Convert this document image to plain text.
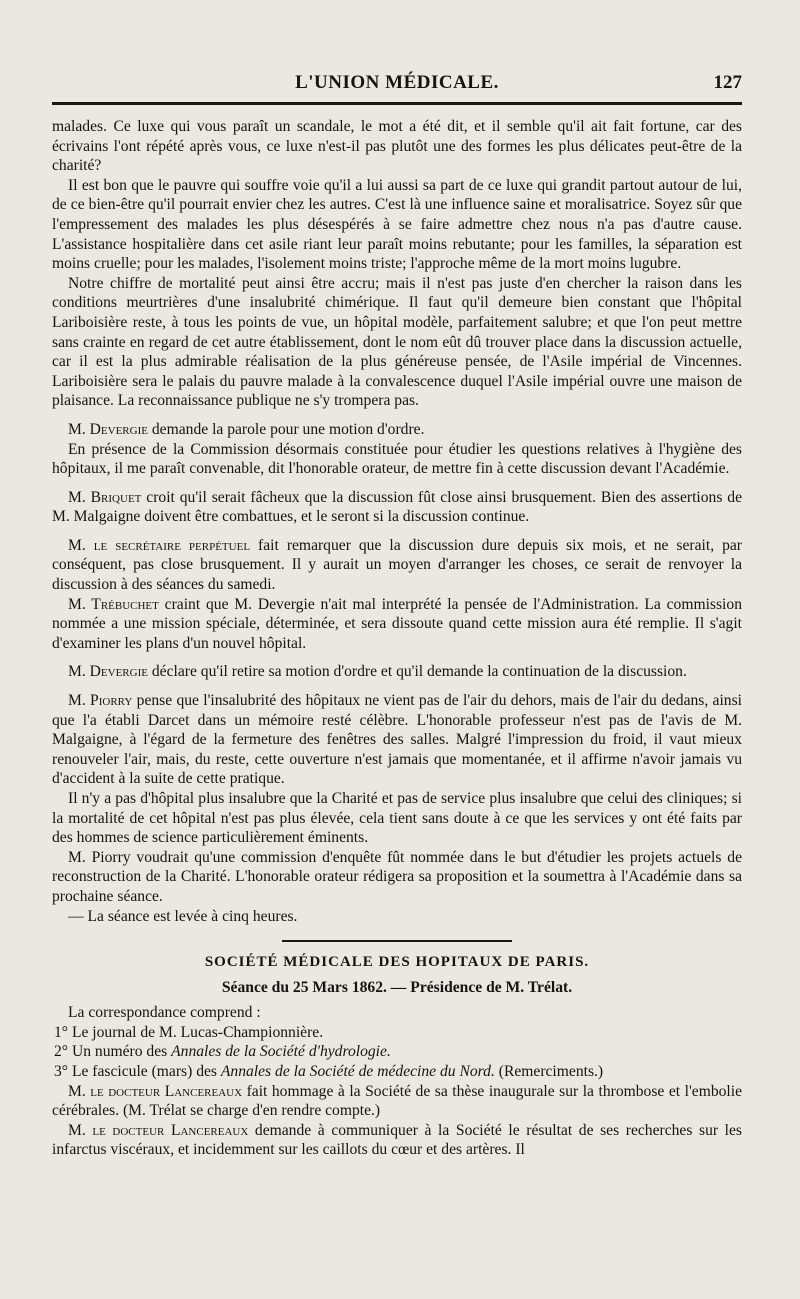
L'UNION MÉDICALE.	127

malades. Ce luxe qui vous paraît un scandale, le mot a été dit, et il semble qu'il ait fait fortune, car des écrivains l'ont répété après vous, ce luxe n'est-il pas plutôt une des formes les plus délicates peut-être de la charité?

Il est bon que le pauvre qui souffre voie qu'il a lui aussi sa part de ce luxe qui grandit partout autour de lui, de ce bien-être qu'il pourrait envier chez les autres. C'est là une influence saine et moralisatrice. Soyez sûr que l'empressement des malades les plus désespérés à se faire admettre chez nous n'a pas d'autre cause. L'assistance hospitalière dans cet asile riant leur paraît moins rebutante; pour les familles, la séparation est moins cruelle; pour les malades, l'isolement moins triste; l'approche même de la mort moins lugubre.

Notre chiffre de mortalité peut ainsi être accru; mais il n'est pas juste d'en chercher la raison dans les conditions meurtrières d'une insalubrité chimérique. Il faut qu'il demeure bien constant que l'hôpital Lariboisière reste, à tous les points de vue, un hôpital modèle, parfaitement salubre; et que l'on peut mettre sans crainte en regard de cet autre établissement, dont le nom eût dû trouver place dans la discussion actuelle, car il est la plus admirable réalisation de la plus généreuse pensée, de l'Asile impérial de Vincennes. Lariboisière sera le palais du pauvre malade à la convalescence duquel l'Asile impérial ouvre une maison de plaisance. La reconnaissance publique ne s'y trompera pas.

M. Devergie demande la parole pour une motion d'ordre.

En présence de la Commission désormais constituée pour étudier les questions relatives à l'hygiène des hôpitaux, il me paraît convenable, dit l'honorable orateur, de mettre fin à cette discussion devant l'Académie.

M. Briquet croit qu'il serait fâcheux que la discussion fût close ainsi brusquement. Bien des assertions de M. Malgaigne doivent être combattues, et le seront si la discussion continue.

M. le secrétaire perpétuel fait remarquer que la discussion dure depuis six mois, et ne serait, par conséquent, pas close brusquement. Il y aurait un moyen d'arranger les choses, ce serait de renvoyer la discussion à des séances du samedi.

M. Trébuchet craint que M. Devergie n'ait mal interprété la pensée de l'Administration. La commission nommée a une mission spéciale, déterminée, et sera dissoute quand cette mission aura été remplie. Il s'agit d'examiner les plans d'un nouvel hôpital.

M. Devergie déclare qu'il retire sa motion d'ordre et qu'il demande la continuation de la discussion.

M. Piorry pense que l'insalubrité des hôpitaux ne vient pas de l'air du dehors, mais de l'air du dedans, ainsi que l'a établi Darcet dans un mémoire resté célèbre. L'honorable professeur n'est pas de l'avis de M. Malgaigne, à l'égard de la fermeture des fenêtres des salles. Malgré l'impression du froid, il vaut mieux renouveler l'air, mais, du reste, cette ouverture n'est jamais que momentanée, et il affirme n'avoir jamais vu d'accident à la suite de cette pratique.

Il n'y a pas d'hôpital plus insalubre que la Charité et pas de service plus insalubre que celui des cliniques; si la mortalité de cet hôpital n'est pas plus élevée, cela tient sans doute à ce que les services y ont été faits par des hommes de science particulièrement éminents.

M. Piorry voudrait qu'une commission d'enquête fût nommée dans le but d'étudier les projets actuels de reconstruction de la Charité. L'honorable orateur rédigera sa proposition et la soumettra à l'Académie dans sa prochaine séance.

— La séance est levée à cinq heures.

SOCIÉTÉ MÉDICALE DES HOPITAUX DE PARIS.
Séance du 25 Mars 1862. — Présidence de M. Trélat.

La correspondance comprend :

1° Le journal de M. Lucas-Championnière.
2° Un numéro des Annales de la Société d'hydrologie.
3° Le fascicule (mars) des Annales de la Société de médecine du Nord. (Remerciments.)

M. le docteur Lancereaux fait hommage à la Société de sa thèse inaugurale sur la thrombose et l'embolie cérébrales. (M. Trélat se charge d'en rendre compte.)

M. le docteur Lancereaux demande à communiquer à la Société le résultat de ses recherches sur les infarctus viscéraux, et incidemment sur les caillots du cœur et des artères. Il
